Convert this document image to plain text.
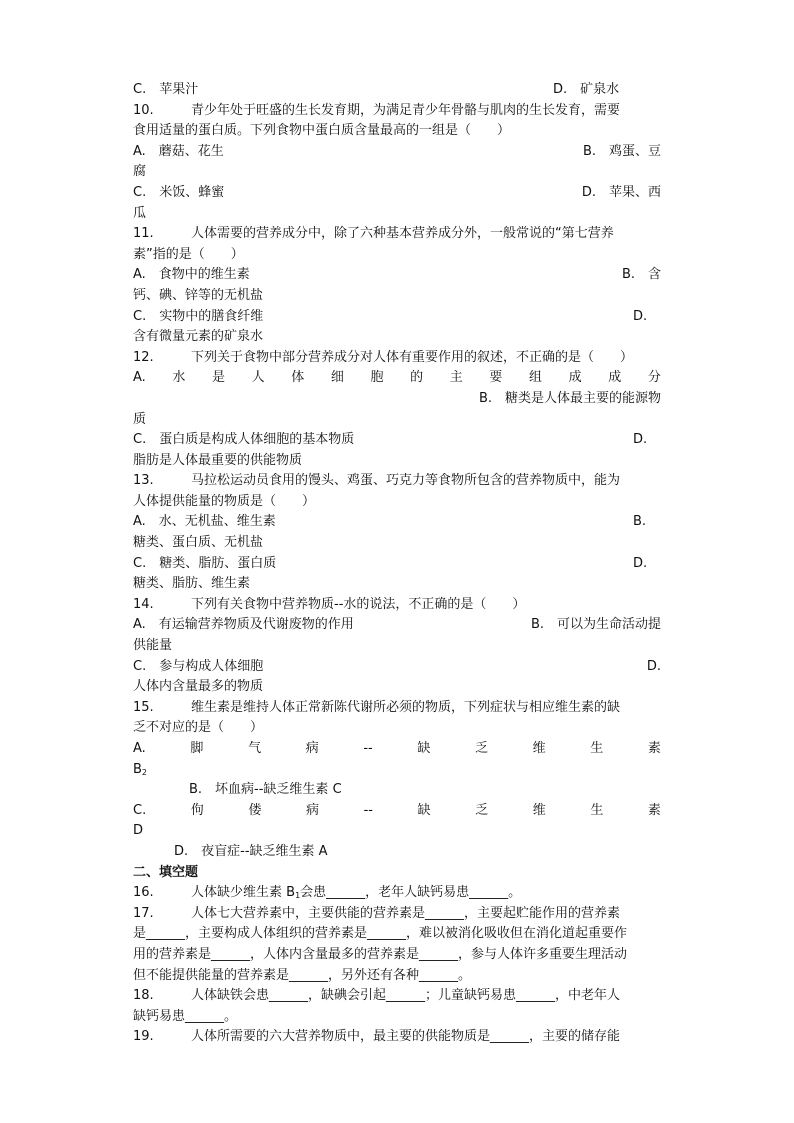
C.　苹果汁	D.　矿泉水
10.	青少年处于旺盛的生长发育期，为满足青少年骨骼与肌肉的生长发育，需要
食用适量的蛋白质。下列食物中蛋白质含量最高的一组是（　　）
A.　蘑菇、花生	B.　鸡蛋、豆
腐
C.　米饭、蜂蜜	D.　苹果、西
瓜
11.	人体需要的营养成分中，除了六种基本营养成分外，一般常说的“第七营养
素”指的是（　　）
A.　食物中的维生素	B.　含
钙、碘、锌等的无机盐
C.　实物中的膳食纤维	D.
含有微量元素的矿泉水
12.	下列关于食物中部分营养成分对人体有重要作用的叙述，不正确的是（　　）
A. 水 是 人 体 细 胞 的 主 要 组 成 成 分
B.　糖类是人体最主要的能源物
质
C.　蛋白质是构成人体细胞的基本物质	D.
脂肪是人体最重要的供能物质
13.	马拉松运动员食用的馒头、鸡蛋、巧克力等食物所包含的营养物质中，能为
人体提供能量的物质是（　　）
A.　水、无机盐、维生素	B.
糖类、蛋白质、无机盐
C.　糖类、脂肪、蛋白质	D.
糖类、脂肪、维生素
14.	下列有关食物中营养物质--水的说法，不正确的是（　　）
A.　有运输营养物质及代谢废物的作用	B.　可以为生命活动提
供能量
C.　参与构成人体细胞	D.
人体内含量最多的物质
15.	维生素是维持人体正常新陈代谢所必须的物质，下列症状与相应维生素的缺
乏不对应的是（　　）
A.	脚	气	病	--	缺	乏	维	生	素
$B_2$
B.　坏血病--缺乏维生素 C
C.	佝	偻	病	--	缺	乏	维	生	素
D
D.　夜盲症--缺乏维生素 A
二、填空题
16.	人体缺少维生素 $B_1$会患______，老年人缺钙易患______。
17.	人体七大营养素中，主要供能的营养素是______，主要起贮能作用的营养素
是______，主要构成人体组织的营养素是______，难以被消化吸收但在消化道起重要作
用的营养素是______，人体内含量最多的营养素是______，参与人体许多重要生理活动
但不能提供能量的营养素是______，另外还有各种______。
18.	人体缺铁会患______，缺碘会引起______；儿童缺钙易患______，中老年人
缺钙易患______。
19.	人体所需要的六大营养物质中，最主要的供能物质是______，主要的储存能
